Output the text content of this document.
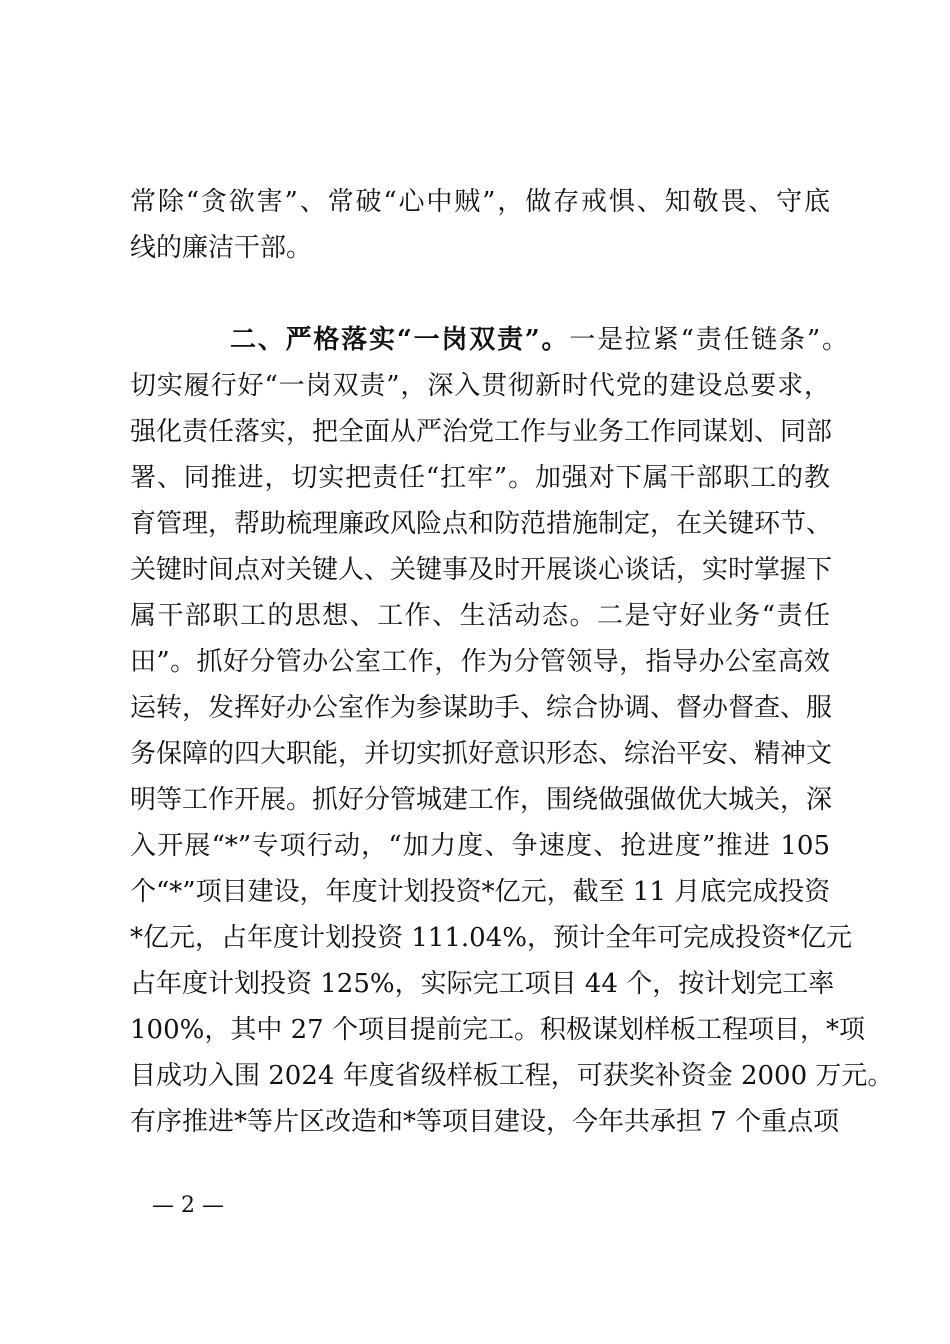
常除“贪欲害”、常破“心中贼”，做存戒惧、知敬畏、守底
线的廉洁干部。
二、严格落实“一岗双责”。一是拉紧“责任链条”。
切实履行好“一岗双责”，深入贯彻新时代党的建设总要求，
强化责任落实，把全面从严治党工作与业务工作同谋划、同部
署、同推进，切实把责任“扛牢”。加强对下属干部职工的教
育管理，帮助梳理廉政风险点和防范措施制定，在关键环节、
关键时间点对关键人、关键事及时开展谈心谈话，实时掌握下
属干部职工的思想、工作、生活动态。二是守好业务“责任
田”。抓好分管办公室工作，作为分管领导，指导办公室高效
运转，发挥好办公室作为参谋助手、综合协调、督办督查、服
务保障的四大职能，并切实抓好意识形态、综治平安、精神文
明等工作开展。抓好分管城建工作，围绕做强做优大城关，深
入开展“*”专项行动，“加力度、争速度、抢进度”推进 105
个“*”项目建设，年度计划投资*亿元，截至 11 月底完成投资
*亿元，占年度计划投资 111.04%，预计全年可完成投资*亿元
占年度计划投资 125%，实际完工项目 44 个，按计划完工率
100%，其中 27 个项目提前完工。积极谋划样板工程项目，*项
目成功入围 2024 年度省级样板工程，可获奖补资金 2000 万元。
有序推进*等片区改造和*等项目建设，今年共承担 7 个重点项
— 2 —
